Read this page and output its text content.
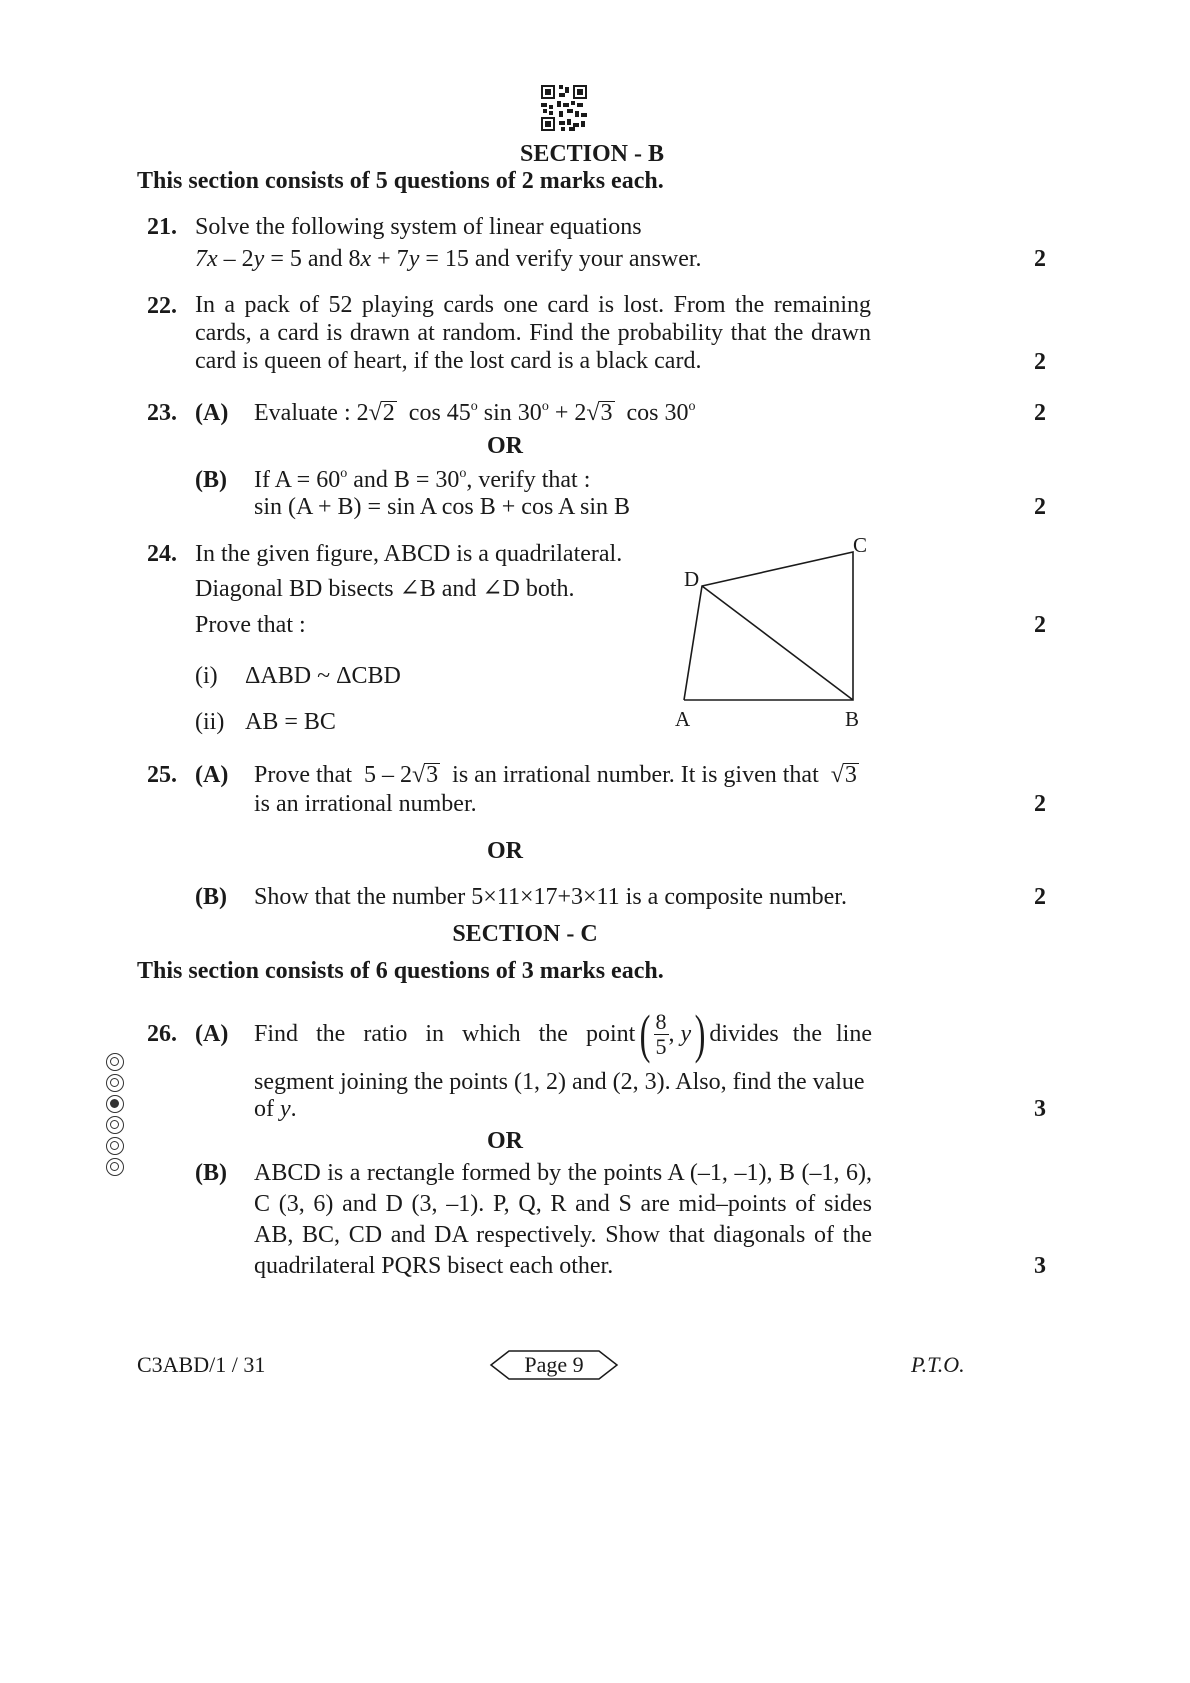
SECTION - B
This section consists of 5 questions of 2 marks each.
21. Solve the following system of linear equations
7x – 2y = 5 and 8x + 7y = 15 and verify your answer.	2
22. In a pack of 52 playing cards one card is lost. From the remaining cards, a card is drawn at random. Find the probability that the drawn card is queen of heart, if the lost card is a black card.	2
23. (A) Evaluate : 2√2  cos 45$^o$ $\sin 30^o + 2√3$  cos 30$^o$	2
OR
(B) If $A = 60^o$ and $B = 30^o$, verify that :
sin (A + B) = sin A cos B + cos A sin B	2
24. In the given figure, ABCD is a quadrilateral.
Diagonal BD bisects ∠B and ∠D both.
Prove that :
(i) ΔABD ~ ΔCBD
(ii) AB = BC
2
A	B
C
D
25. (A) Prove that  5 – 2√3  is an irrational number. It is given that  √3
is an irrational number.	2
OR
(B) Show that the number 5×11×17+3×11 is a composite number.	2
SECTION - C
This section consists of 6 questions of 3 marks each.
26. (A) Find the ratio in which the point ( $\frac{8}{5}$ , y ) divides the line
segment joining the points (1, 2) and (2, 3). Also, find the value
of y.	3
OR
(B) ABCD is a rectangle formed by the points A (–1, –1), B (–1, 6), C (3, 6) and D (3, –1). P, Q, R and S are mid–points of sides AB, BC, CD and DA respectively. Show that diagonals of the quadrilateral PQRS bisect each other.	3
C3ABD/1 / 31	Page 9	P.T.O.
